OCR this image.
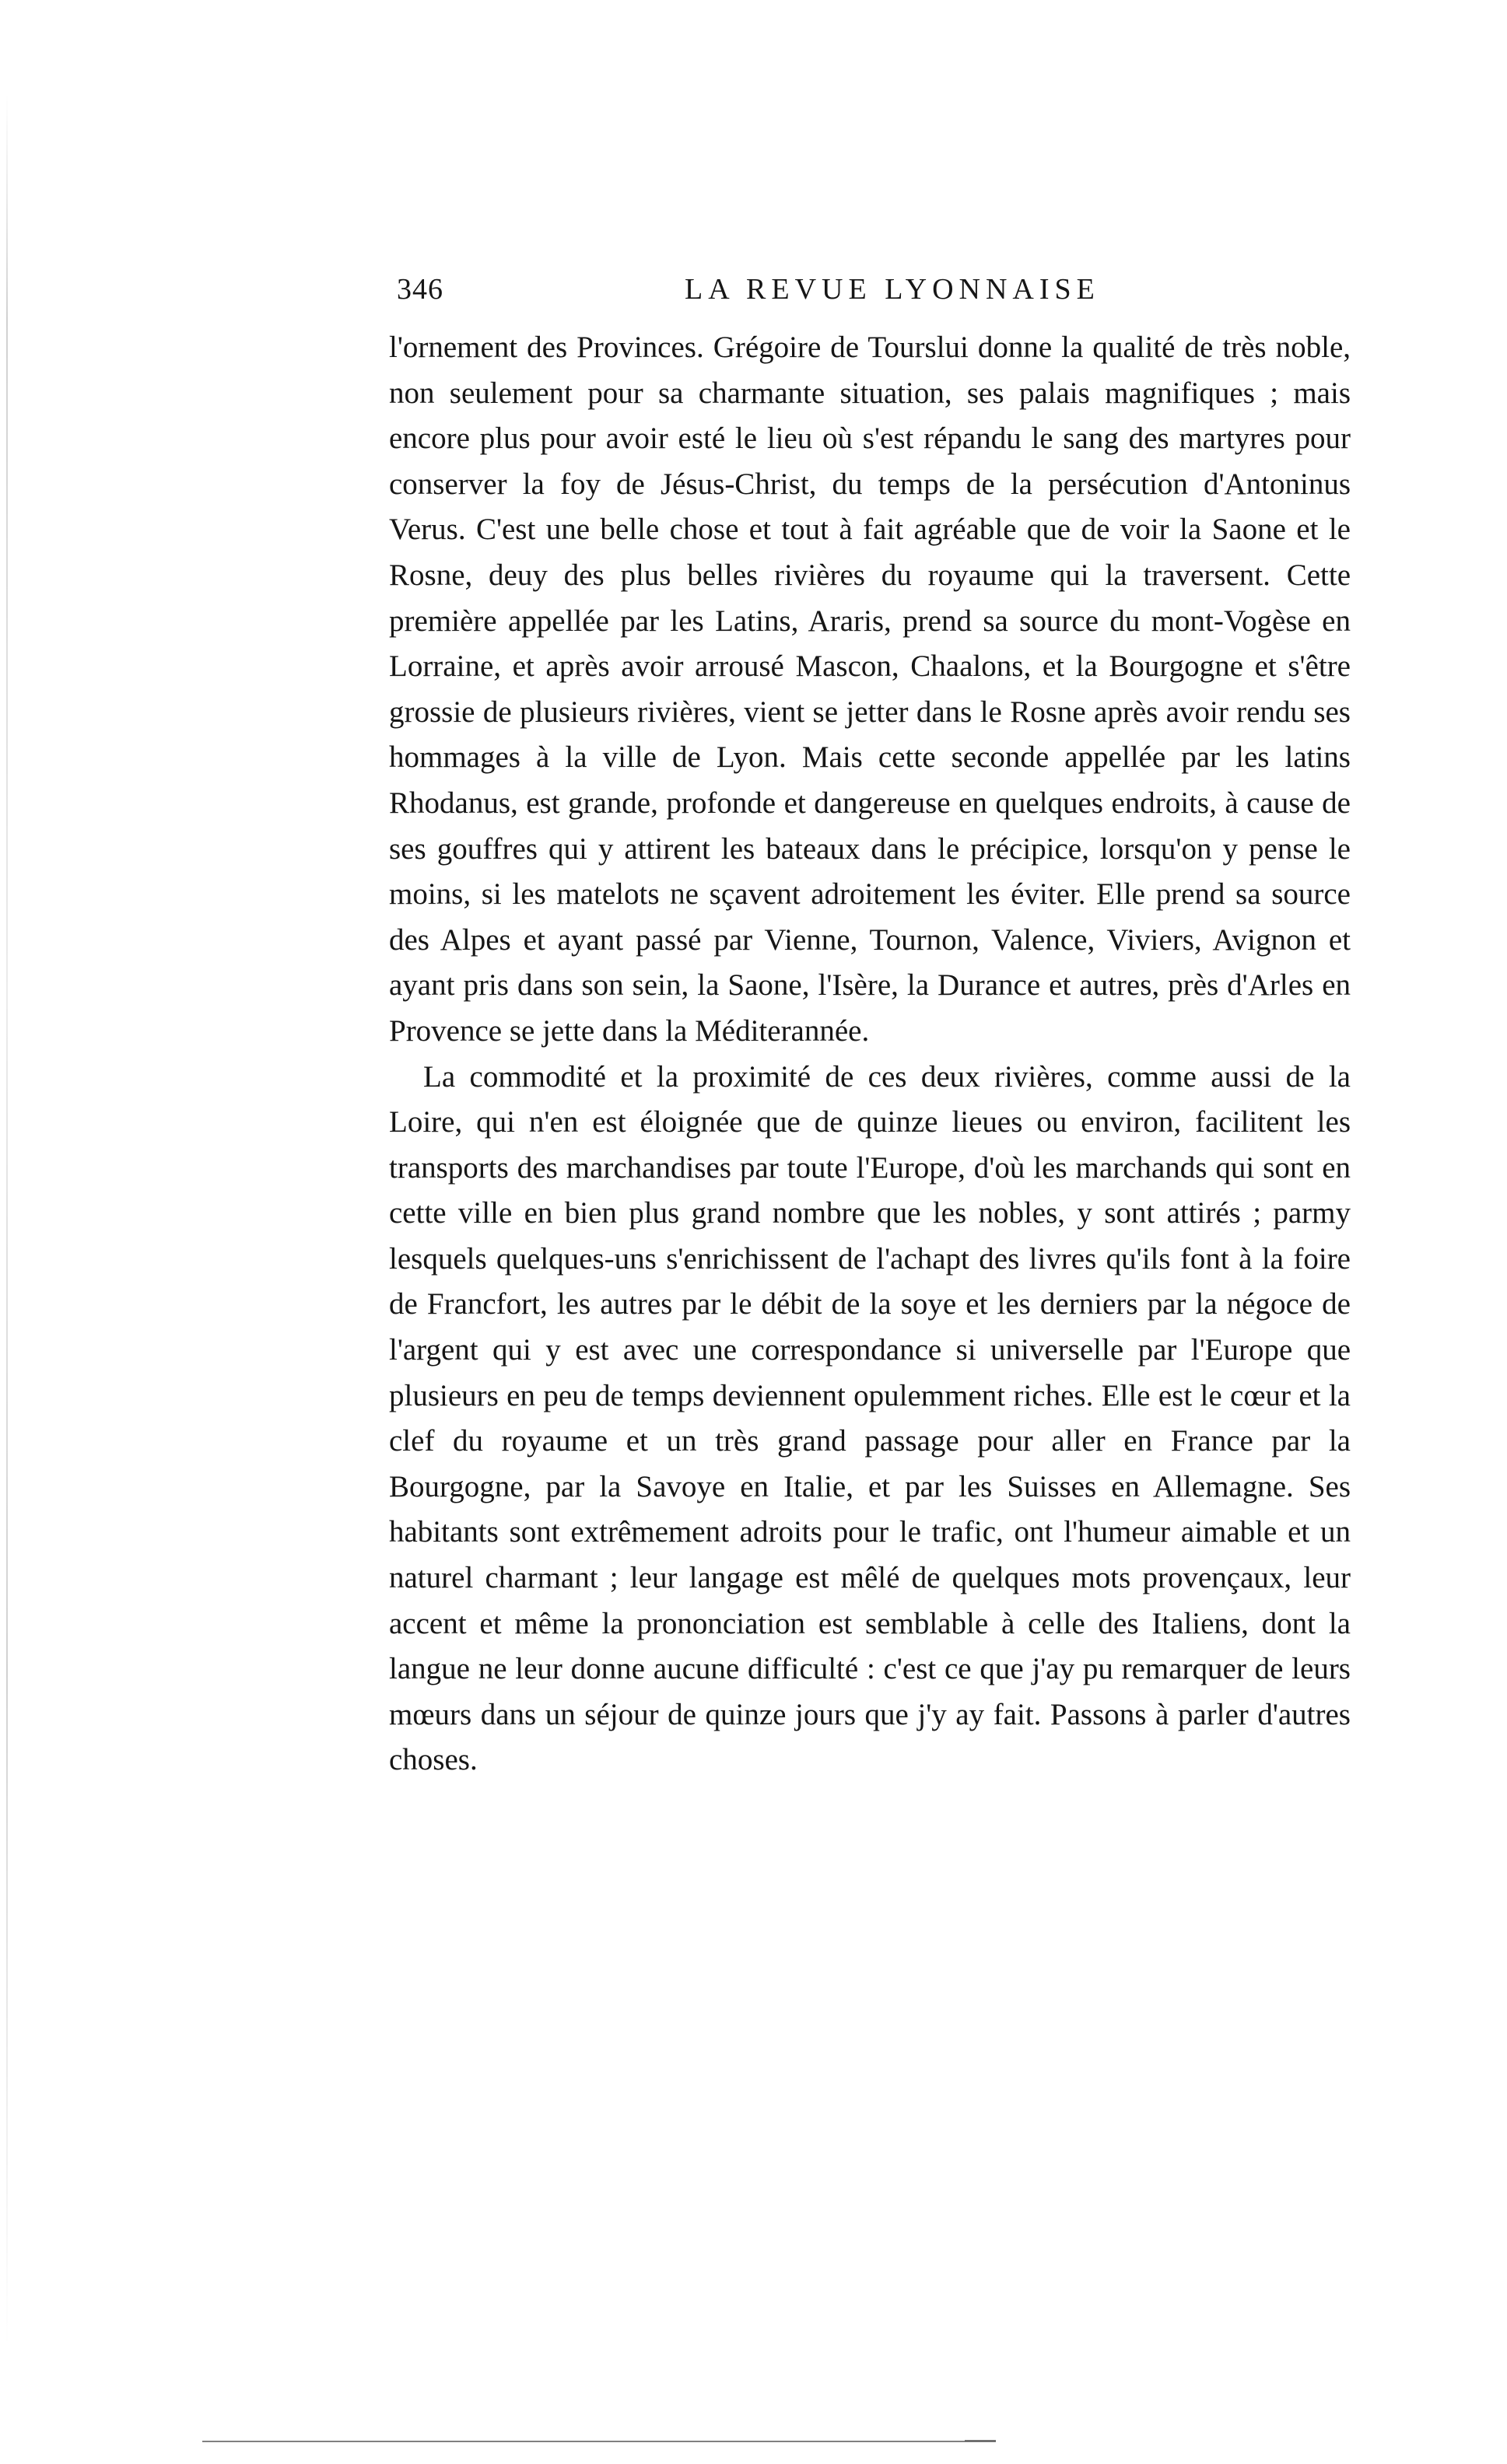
346	LA REVUE LYONNAISE

l'ornement des Provinces. Grégoire de Tourslui donne la qualité de très noble, non seulement pour sa charmante situation, ses palais magnifiques ; mais encore plus pour avoir esté le lieu où s'est répandu le sang des martyres pour conserver la foy de Jésus-Christ, du temps de la persécution d'Antoninus Verus. C'est une belle chose et tout à fait agréable que de voir la Saone et le Rosne, deuy des plus belles rivières du royaume qui la traversent. Cette première appellée par les Latins, Araris, prend sa source du mont-Vogèse en Lorraine, et après avoir arrousé Mascon, Chaalons, et la Bourgogne et s'être grossie de plusieurs rivières, vient se jetter dans le Rosne après avoir rendu ses hommages à la ville de Lyon. Mais cette seconde appellée par les latins Rhodanus, est grande, profonde et dangereuse en quelques endroits, à cause de ses gouffres qui y attirent les bateaux dans le précipice, lorsqu'on y pense le moins, si les matelots ne sçavent adroitement les éviter. Elle prend sa source des Alpes et ayant passé par Vienne, Tournon, Valence, Viviers, Avignon et ayant pris dans son sein, la Saone, l'Isère, la Durance et autres, près d'Arles en Provence se jette dans la Méditerannée.

La commodité et la proximité de ces deux rivières, comme aussi de la Loire, qui n'en est éloignée que de quinze lieues ou environ, facilitent les transports des marchandises par toute l'Europe, d'où les marchands qui sont en cette ville en bien plus grand nombre que les nobles, y sont attirés ; parmy lesquels quelques-uns s'enrichissent de l'achapt des livres qu'ils font à la foire de Francfort, les autres par le débit de la soye et les derniers par la négoce de l'argent qui y est avec une correspondance si universelle par l'Europe que plusieurs en peu de temps deviennent opulemment riches. Elle est le cœur et la clef du royaume et un très grand passage pour aller en France par la Bourgogne, par la Savoye en Italie, et par les Suisses en Allemagne. Ses habitants sont extrêmement adroits pour le trafic, ont l'humeur aimable et un naturel charmant ; leur langage est mêlé de quelques mots provençaux, leur accent et même la prononciation est semblable à celle des Italiens, dont la langue ne leur donne aucune difficulté : c'est ce que j'ay pu remarquer de leurs mœurs dans un séjour de quinze jours que j'y ay fait. Passons à parler d'autres choses.
